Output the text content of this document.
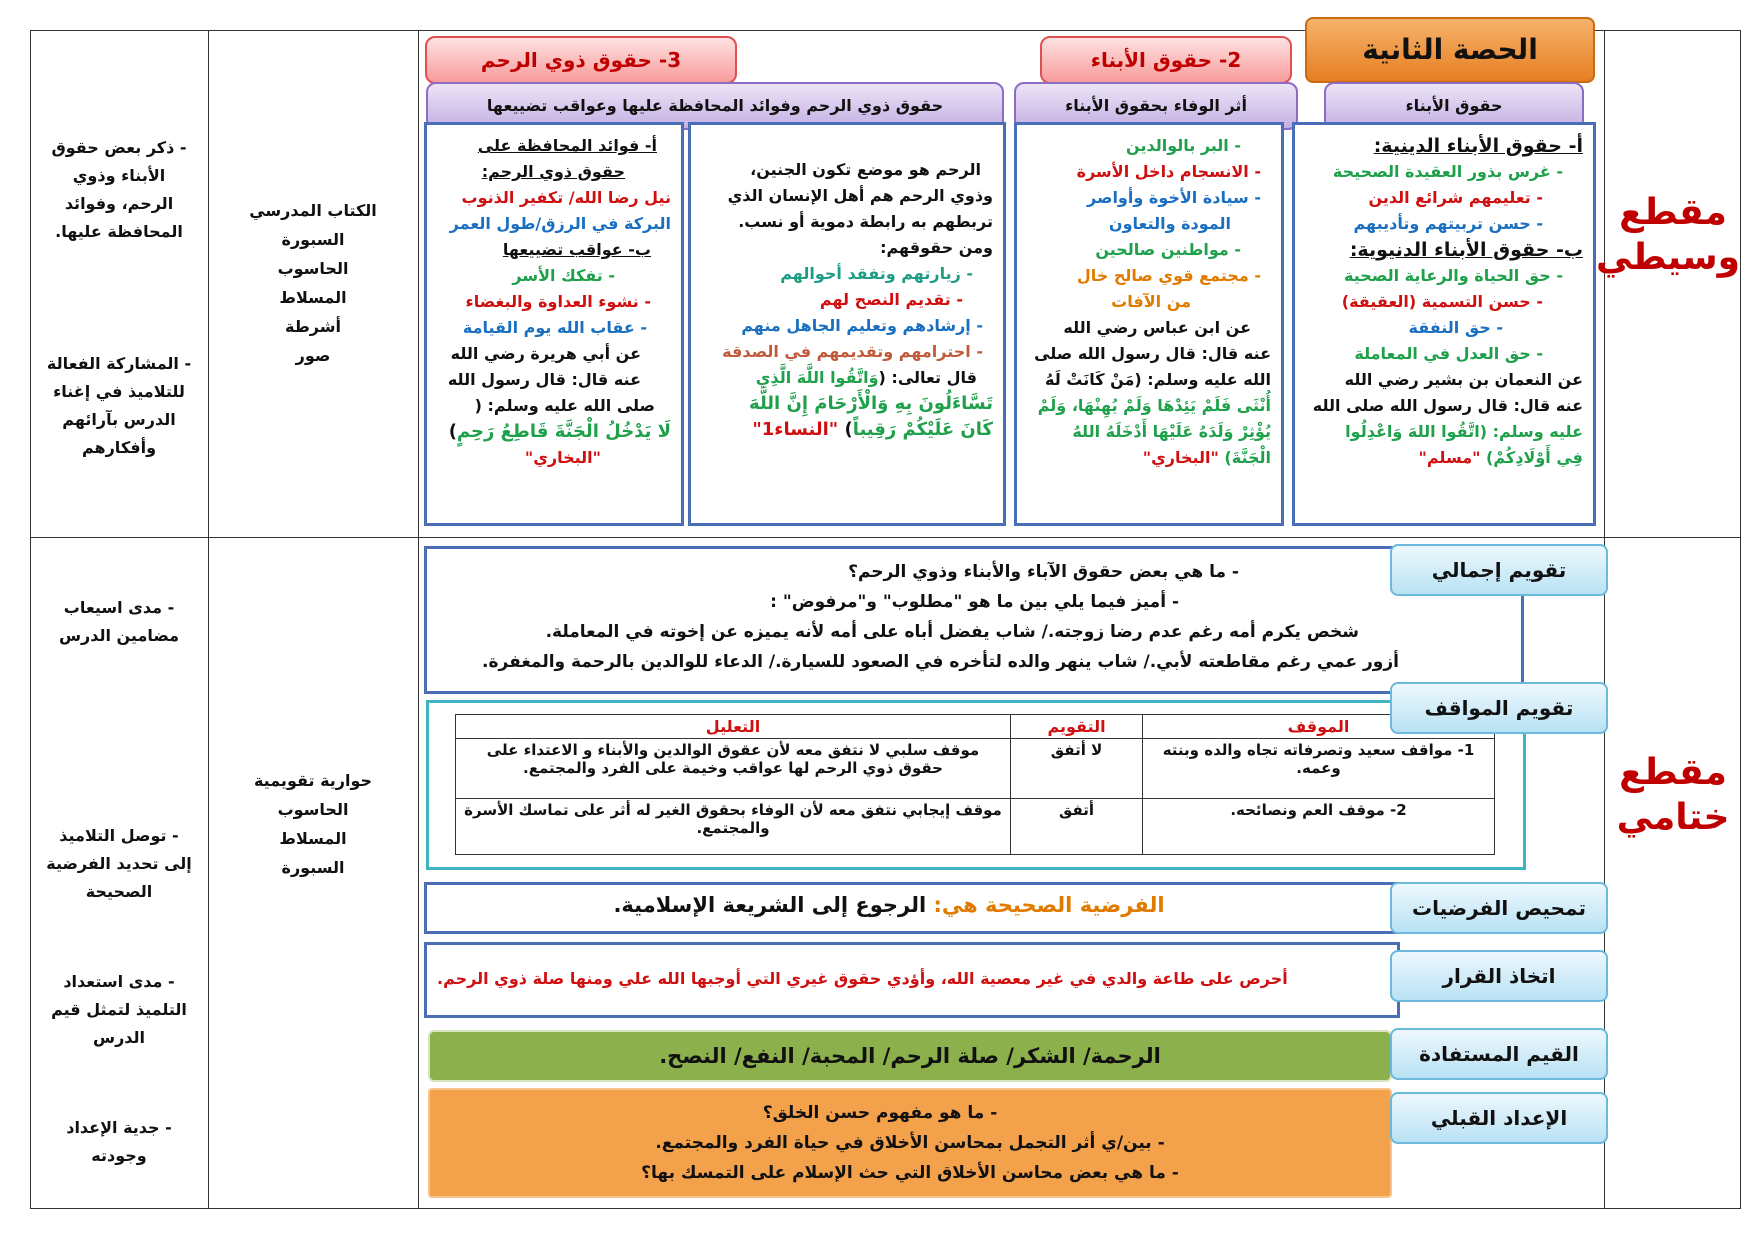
مقطع
وسيطي
مقطع
ختامي
الكتاب المدرسي
السبورة
الحاسوب
المسلاط
أشرطة
صور
حوارية تقويمية
الحاسوب
المسلاط
السبورة
- ذكر بعض حقوق
الأبناء وذوي
الرحم، وفوائد
المحافظة عليها.
- المشاركة الفعالة
للتلاميذ في إغناء
الدرس بآرائهم
وأفكارهم
- مدى اسيعاب
مضامين الدرس
- توصل التلاميذ
إلى تحديد الفرضية
الصحيحة
- مدى استعداد
التلميذ لتمثل قيم
الدرس
- جدية الإعداد
وجودته
الحصة الثانية
2- حقوق الأبناء
3- حقوق ذوي الرحم
حقوق الأبناء
أثر الوفاء بحقوق الأبناء
حقوق ذوي الرحم وفوائد المحافظة عليها وعواقب تضييعها
أ- حقوق الأبناء الدينية:
- غرس بذور العقيدة الصحيحة
- تعليمهم شرائع الدين
- حسن تربيتهم وتأديبهم
ب- حقوق الأبناء الدنيوية:
- حق الحياة والرعاية الصحية
- حسن التسمية (العقيقة)
- حق النفقة
- حق العدل في المعاملة
عن النعمان بن بشير رضي الله
عنه قال: قال رسول الله صلى الله
عليه وسلم: (اتَّقُوا اللهَ وَاعْدِلُوا
فِي أَوْلَادِكُمْ) "مسلم"
- البر بالوالدين
- الانسجام داخل الأسرة
- سيادة الأخوة وأواصر
المودة والتعاون
- مواطنين صالحين
- مجتمع قوي صالح خال
من الآفات
عن ابن عباس رضي الله
عنه قال: قال رسول الله صلى
الله عليه وسلم: (مَنْ كَانَتْ لَهُ
أُنْثَى فَلَمْ يَئِدْهَا وَلَمْ يُهِنْهَا، وَلَمْ
يُؤْثِرْ وَلَدَهُ عَلَيْهَا أَدْخَلَهُ اللهُ
الْجَنَّةَ) "البخاري"
الرحم هو موضع تكون الجنين،
وذوي الرحم هم أهل الإنسان الذي
تربطهم به رابطة دموية أو نسب.
ومن حقوقهم:
- زيارتهم وتفقد أحوالهم
- تقديم النصح لهم
- إرشادهم وتعليم الجاهل منهم
- احترامهم وتقديمهم في الصدقة
قال تعالى: (وَاتَّقُوا اللَّهَ الَّذِي
تَسَّاءَلُونَ بِهِ وَالْأَرْحَامَ إِنَّ اللَّهَ
كَانَ عَلَيْكُمْ رَقِيباً) "النساء1"
أ- فوائد المحافظة على
حقوق ذوي الرحم:
نيل رضا الله/ تكفير الذنوب
البركة في الرزق/طول العمر
ب- عواقب تضييعها
- تفكك الأسر
- نشوء العداوة والبغضاء
- عقاب الله يوم القيامة
عن أبي هريرة رضي الله
عنه قال: قال رسول الله
صلى الله عليه وسلم: (
لَا يَدْخُلُ الْجَنَّةَ قَاطِعُ رَحِمٍ)
"البخاري"
- ما هي بعض حقوق الآباء والأبناء وذوي الرحم؟
- أميز فيما يلي بين ما هو "مطلوب" و"مرفوض" :
شخص يكرم أمه رغم عدم رضا زوجته./ شاب يفضل أباه على أمه لأنه يميزه عن إخوته في المعاملة.
أزور عمي رغم مقاطعته لأبي./ شاب ينهر والده لتأخره في الصعود للسيارة./ الدعاء للوالدين بالرحمة والمغفرة.
تقويم إجمالي
الموقف	التقويم	التعليل
1- مواقف سعيد وتصرفاته تجاه والده وبنته وعمه.	لا أتفق	موقف سلبي لا نتفق معه لأن عقوق الوالدين والأبناء و الاعتداء على حقوق ذوي الرحم لها عواقب وخيمة على الفرد والمجتمع.
2- موقف العم ونصائحه.	أتفق	موقف إيجابي نتفق معه لأن الوفاء بحقوق الغير له أثر على تماسك الأسرة والمجتمع.
تقويم المواقف
الفرضية الصحيحة هي: الرجوع إلى الشريعة الإسلامية.	تمحيص الفرضيات
أحرص على طاعة والدي في غير معصية الله، وأؤدي حقوق غيري التي أوجبها الله علي ومنها صلة ذوي الرحم.	اتخاذ القرار
الرحمة/ الشكر/ صلة الرحم/ المحبة/ النفع/ النصح.	القيم المستفادة
- ما هو مفهوم حسن الخلق؟
- بين/ي أثر التجمل بمحاسن الأخلاق في حياة الفرد والمجتمع.
- ما هي بعض محاسن الأخلاق التي حث الإسلام على التمسك بها؟
الإعداد القبلي
